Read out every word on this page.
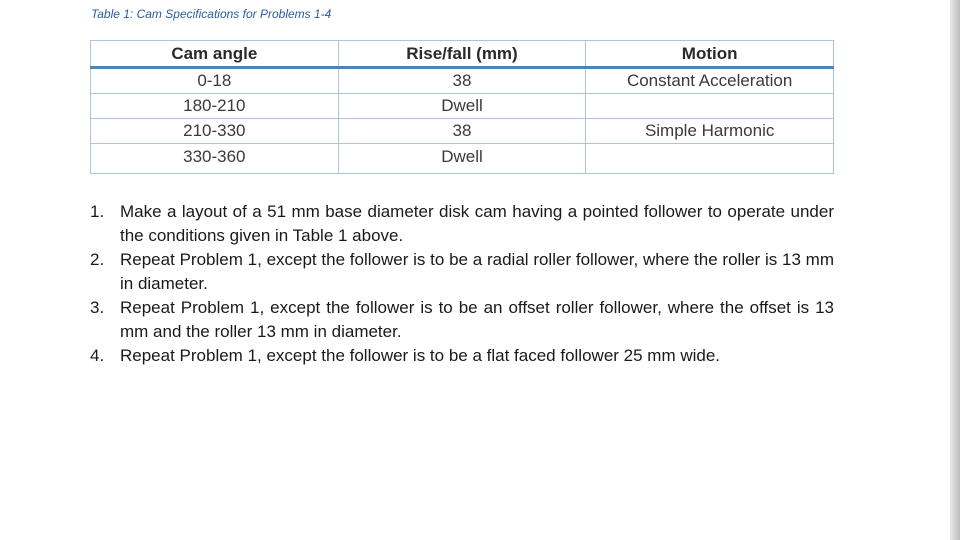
Table 1: Cam Specifications for Problems 1-4
Cam angle	Rise/fall (mm)	Motion
0-18	38	Constant Acceleration
180-210	Dwell	
210-330	38	Simple Harmonic
330-360	Dwell	
1. Make a layout of a 51 mm base diameter disk cam having a pointed follower to operate under the conditions given in Table 1 above.
2. Repeat Problem 1, except the follower is to be a radial roller follower, where the roller is 13 mm in diameter.
3. Repeat Problem 1, except the follower is to be an offset roller follower, where the offset is 13 mm and the roller 13 mm in diameter.
4. Repeat Problem 1, except the follower is to be a flat faced follower 25 mm wide.
